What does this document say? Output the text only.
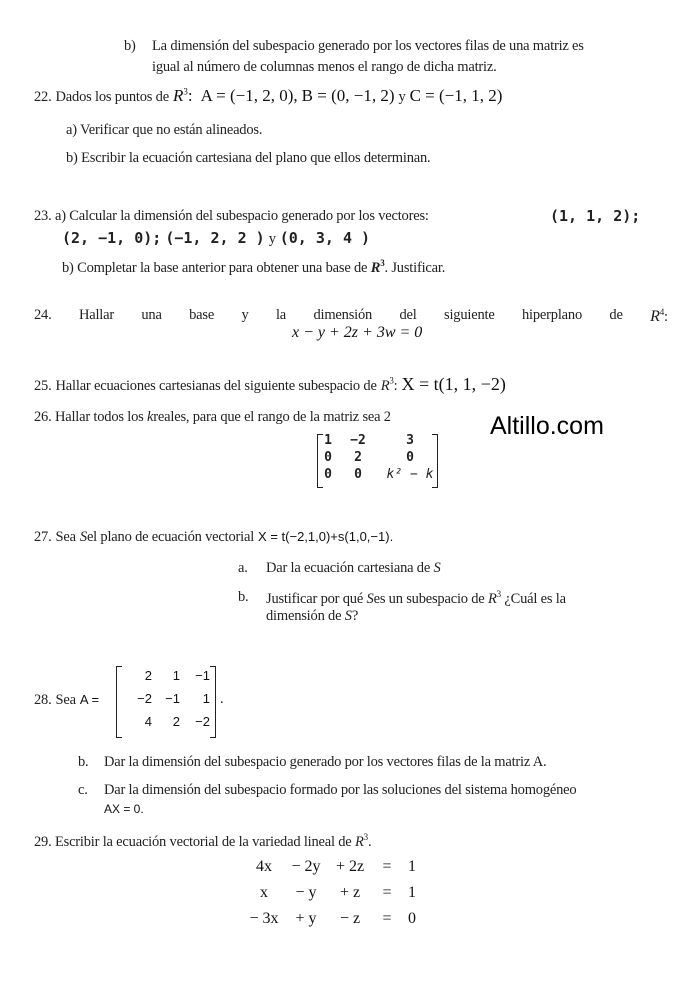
b) La dimensión del subespacio generado por los vectores filas de una matriz es
igual al número de columnas menos el rango de dicha matriz.
22. Dados los puntos de $R^3$: A = (−1, 2, 0), B = (0, −1, 2) y C = (−1, 1, 2)
a) Verificar que no están alineados.
b) Escribir la ecuación cartesiana del plano que ellos determinan.
23. a) Calcular la dimensión del subespacio generado por los vectores:	(1, 1, 2);
(2, −1, 0); (−1, 2, 2 ) y (0, 3, 4 )
b) Completar la base anterior para obtener una base de $R^3$. Justificar.
24. Hallar una base y la dimensión del siguiente hiperplano de $R^4$:
x − y + 2z + 3w = 0
25. Hallar ecuaciones cartesianas del siguiente subespacio de $R^3$: X = t(1, 1, −2)
26. Hallar todos los kreales, para que el rango de la matriz sea 2	Altillo.com
1	−2	3
0	2	0
0	0	k² − k
27. Sea Sel plano de ecuación vectorial X = t(−2,1,0)+s(1,0,−1).
a. Dar la ecuación cartesiana de S
b. Justificar por qué Ses un subespacio de $R^3$ ¿Cuál es la
dimensión de S?
28. Sea A =
2	1	−1
−2	−1	1
4	2	−2
.
b. Dar la dimensión del subespacio generado por los vectores filas de la matriz A.
c. Dar la dimensión del subespacio formado por las soluciones del sistema homogéneo
AX = 0.
29. Escribir la ecuación vectorial de la variedad lineal de $R^3$.
4x	− 2y + 2z	=	1
x	− y	+ z	=	1
− 3x	+ y	− z	=	0
